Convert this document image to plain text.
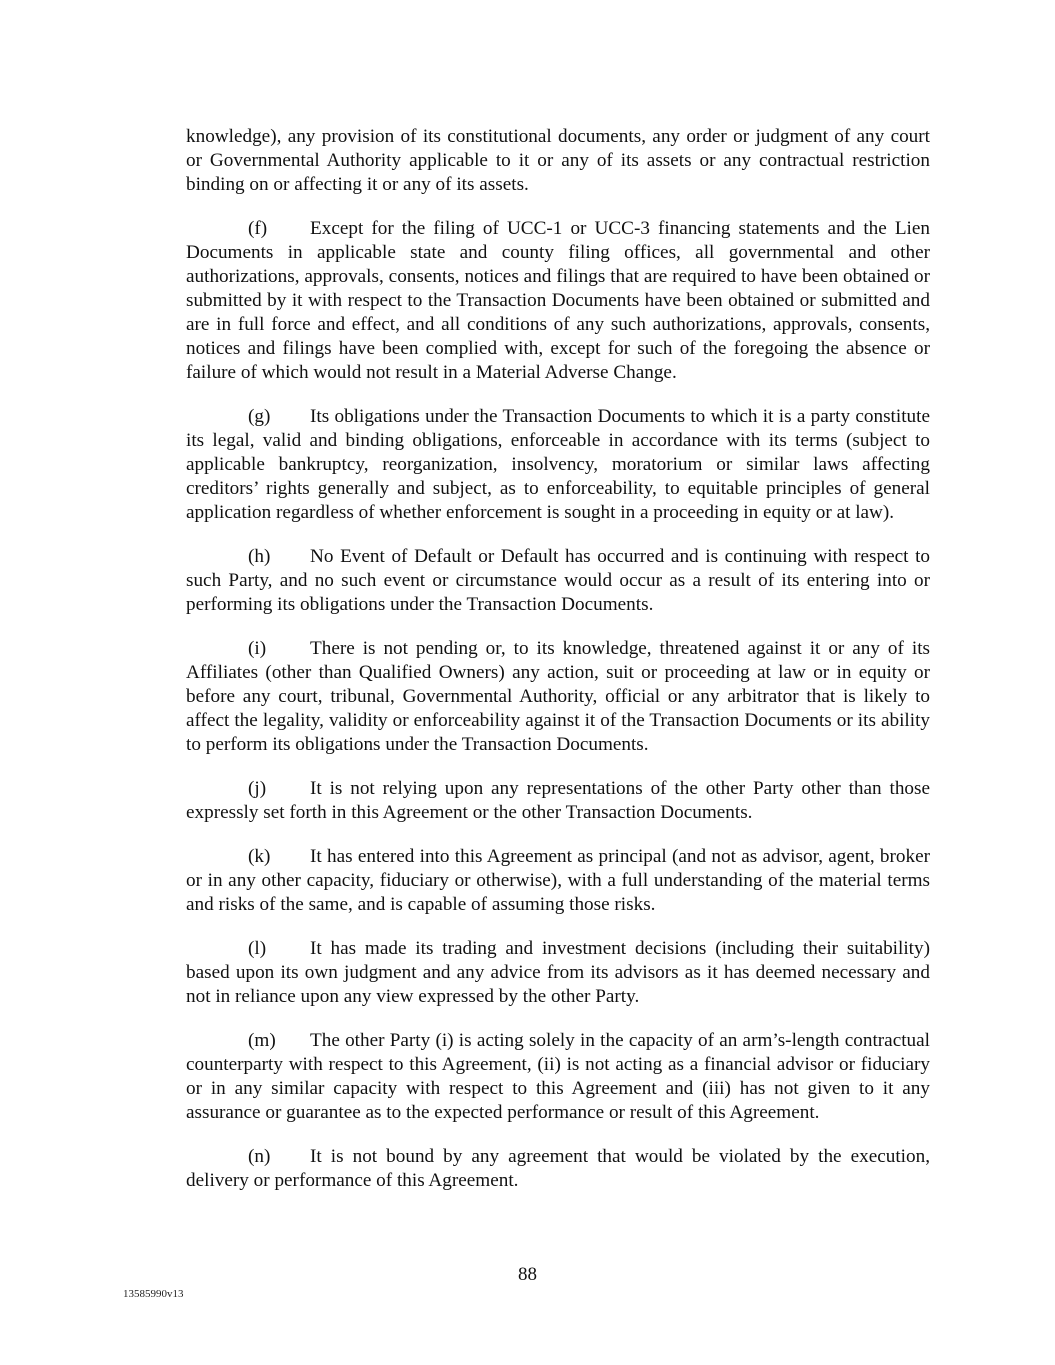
knowledge), any provision of its constitutional documents, any order or judgment of any court or Governmental Authority applicable to it or any of its assets or any contractual restriction binding on or affecting it or any of its assets.

(f) Except for the filing of UCC-1 or UCC-3 financing statements and the Lien Documents in applicable state and county filing offices, all governmental and other authorizations, approvals, consents, notices and filings that are required to have been obtained or submitted by it with respect to the Transaction Documents have been obtained or submitted and are in full force and effect, and all conditions of any such authorizations, approvals, consents, notices and filings have been complied with, except for such of the foregoing the absence or failure of which would not result in a Material Adverse Change.

(g) Its obligations under the Transaction Documents to which it is a party constitute its legal, valid and binding obligations, enforceable in accordance with its terms (subject to applicable bankruptcy, reorganization, insolvency, moratorium or similar laws affecting creditors’ rights generally and subject, as to enforceability, to equitable principles of general application regardless of whether enforcement is sought in a proceeding in equity or at law).

(h) No Event of Default or Default has occurred and is continuing with respect to such Party, and no such event or circumstance would occur as a result of its entering into or performing its obligations under the Transaction Documents.

(i) There is not pending or, to its knowledge, threatened against it or any of its Affiliates (other than Qualified Owners) any action, suit or proceeding at law or in equity or before any court, tribunal, Governmental Authority, official or any arbitrator that is likely to affect the legality, validity or enforceability against it of the Transaction Documents or its ability to perform its obligations under the Transaction Documents.

(j) It is not relying upon any representations of the other Party other than those expressly set forth in this Agreement or the other Transaction Documents.

(k) It has entered into this Agreement as principal (and not as advisor, agent, broker or in any other capacity, fiduciary or otherwise), with a full understanding of the material terms and risks of the same, and is capable of assuming those risks.

(l) It has made its trading and investment decisions (including their suitability) based upon its own judgment and any advice from its advisors as it has deemed necessary and not in reliance upon any view expressed by the other Party.

(m) The other Party (i) is acting solely in the capacity of an arm’s-length contractual counterparty with respect to this Agreement, (ii) is not acting as a financial advisor or fiduciary or in any similar capacity with respect to this Agreement and (iii) has not given to it any assurance or guarantee as to the expected performance or result of this Agreement.

(n) It is not bound by any agreement that would be violated by the execution, delivery or performance of this Agreement.

88
13585990v13
